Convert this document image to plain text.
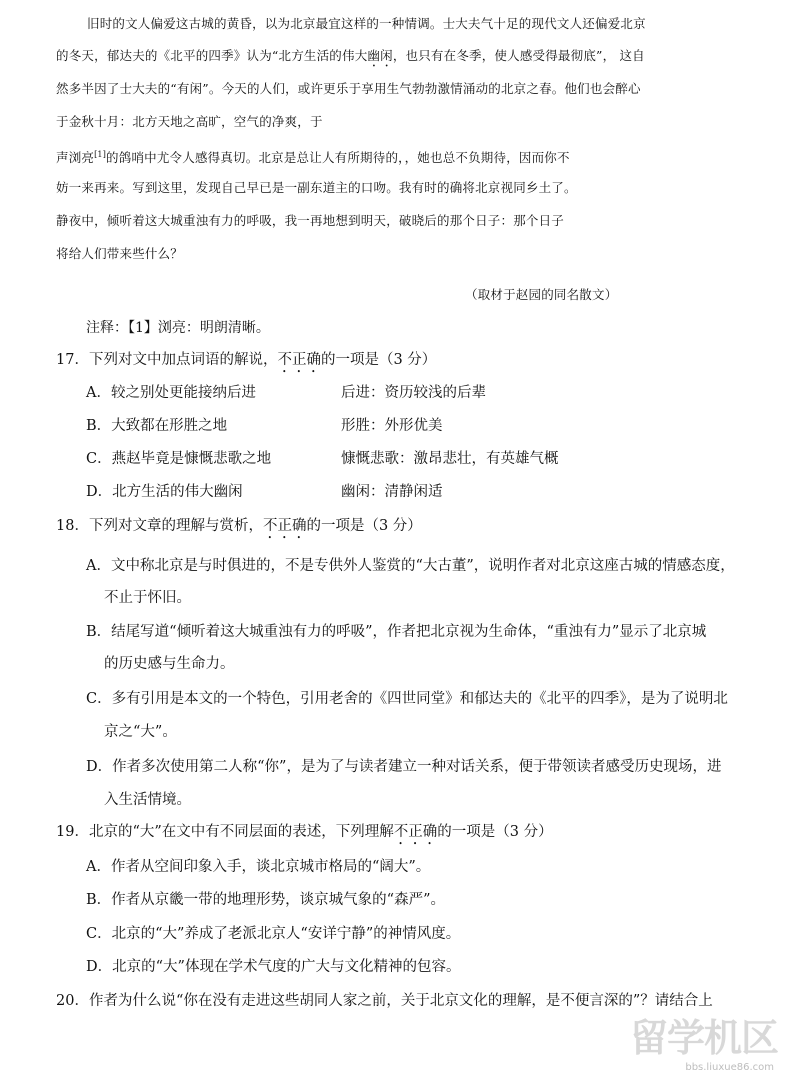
旧时的文人偏爱这古城的黄昏，以为北京最宜这样的一种情调。士大夫气十足的现代文人还偏爱北京
的冬天，郁达夫的《北平的四季》认为“北方生活的伟大幽闲，也只有在冬季，使人感受得最彻底”， 这自
然多半因了士大夫的“有闲”。今天的人们，或许更乐于享用生气勃勃激情涌动的北京之春。他们也会醉心
于金秋十月：北方天地之高旷，空气的净爽，于
声浏亮[1]的鸽哨中尤令人感得真切。北京是总让人有所期待的，，她也总不负期待，因而你不
妨一来再来。写到这里，发现自己早已是一副东道主的口吻。我有时的确将北京视同乡土了。
静夜中，倾听着这大城重浊有力的呼吸，我一再地想到明天，破晓后的那个日子：那个日子
将给人们带来些什么？
（取材于赵园的同名散文）
注释：【1】浏亮：明朗清晰。
17．下列对文中加点词语的解说，不正确的一项是（3 分）
A．较之别处更能接纳后进	后进：资历较浅的后辈
B．大致都在形胜之地	形胜：外形优美
C．燕赵毕竟是慷慨悲歌之地	慷慨悲歌：激昂悲壮，有英雄气概
D．北方生活的伟大幽闲	幽闲：清静闲适
18．下列对文章的理解与赏析，不正确的一项是（3 分）
A．文中称北京是与时俱进的，不是专供外人鉴赏的“大古董”，说明作者对北京这座古城的情感态度，
不止于怀旧。
B．结尾写道“倾听着这大城重浊有力的呼吸”，作者把北京视为生命体，“重浊有力”显示了北京城
的历史感与生命力。
C．多有引用是本文的一个特色，引用老舍的《四世同堂》和郁达夫的《北平的四季》，是为了说明北
京之“大”。
D．作者多次使用第二人称“你”，是为了与读者建立一种对话关系，便于带领读者感受历史现场，进
入生活情境。
19．北京的“大”在文中有不同层面的表述，下列理解不正确的一项是（3 分）
A．作者从空间印象入手，谈北京城市格局的“阔大”。
B．作者从京畿一带的地理形势，谈京城气象的“森严”。
C．北京的“大”养成了老派北京人“安详宁静”的神情风度。
D．北京的“大”体现在学术气度的广大与文化精神的包容。
20．作者为什么说“你在没有走进这些胡同人家之前，关于北京文化的理解，是不便言深的”？请结合上
留学机区
bbs.liuxue86.com
